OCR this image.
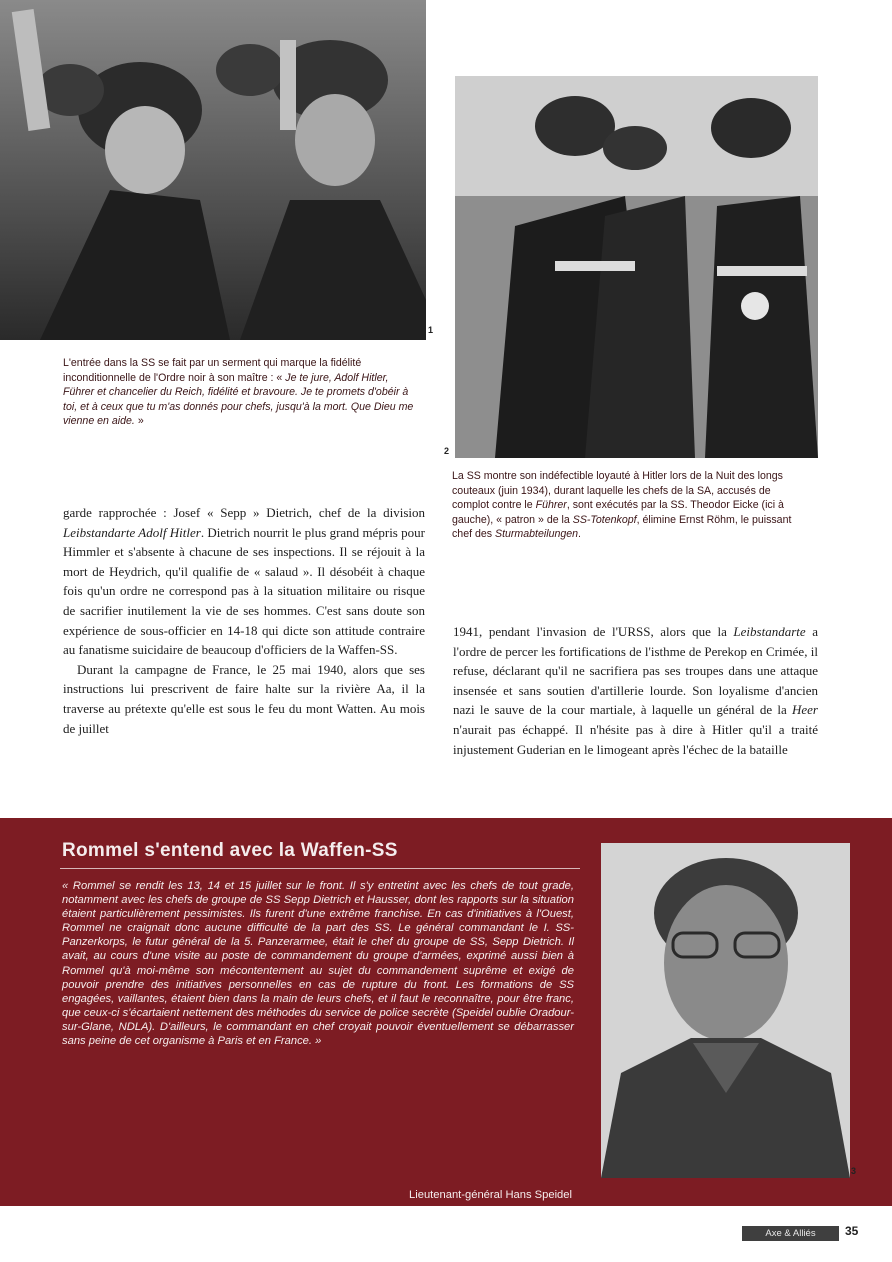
1
2
L'entrée dans la SS se fait par un serment qui marque la fidélité inconditionnelle de l'Ordre noir à son maître : « Je te jure, Adolf Hitler, Führer et chancelier du Reich, fidélité et bravoure. Je te promets d'obéir à toi, et à ceux que tu m'as donnés pour chefs, jusqu'à la mort. Que Dieu me vienne en aide. »
La SS montre son indéfectible loyauté à Hitler lors de la Nuit des longs couteaux (juin 1934), durant laquelle les chefs de la SA, accusés de complot contre le Führer, sont exécutés par la SS. Theodor Eicke (ici à gauche), « patron » de la SS-Totenkopf, élimine Ernst Röhm, le puissant chef des Sturmabteilungen.

garde rapprochée : Josef « Sepp » Dietrich, chef de la division Leibstandarte Adolf Hitler. Dietrich nourrit le plus grand mépris pour Himmler et s'absente à chacune de ses inspections. Il se réjouit à la mort de Heydrich, qu'il qualifie de « salaud ». Il désobéit à chaque fois qu'un ordre ne correspond pas à la situation militaire ou risque de sacrifier inutilement la vie de ses hommes. C'est sans doute son expérience de sous-officier en 14-18 qui dicte son attitude contraire au fanatisme suicidaire de beaucoup d'officiers de la Waffen-SS.

Durant la campagne de France, le 25 mai 1940, alors que ses instructions lui prescrivent de faire halte sur la rivière Aa, il la traverse au prétexte qu'elle est sous le feu du mont Watten. Au mois de juillet

1941, pendant l'invasion de l'URSS, alors que la Leibstandarte a l'ordre de percer les fortifications de l'isthme de Perekop en Crimée, il refuse, déclarant qu'il ne sacrifiera pas ses troupes dans une attaque insensée et sans soutien d'artillerie lourde. Son loyalisme d'ancien nazi le sauve de la cour martiale, à laquelle un général de la Heer n'aurait pas échappé. Il n'hésite pas à dire à Hitler qu'il a traité injustement Guderian en le limogeant après l'échec de la bataille

Rommel s'entend avec la Waffen-SS
« Rommel se rendit les 13, 14 et 15 juillet sur le front. Il s'y entretint avec les chefs de tout grade, notamment avec les chefs de groupe de SS Sepp Dietrich et Hausser, dont les rapports sur la situation étaient particulièrement pessimistes. Ils furent d'une extrême franchise. En cas d'initiatives à l'Ouest, Rommel ne craignait donc aucune difficulté de la part des SS. Le général commandant le I. SS-Panzerkorps, le futur général de la 5. Panzerarmee, était le chef du groupe de SS, Sepp Dietrich. Il avait, au cours d'une visite au poste de commandement du groupe d'armées, exprimé aussi bien à Rommel qu'à moi-même son mécontentement au sujet du commandement suprême et exigé de pouvoir prendre des initiatives personnelles en cas de rupture du front. Les formations de SS engagées, vaillantes, étaient bien dans la main de leurs chefs, et il faut le reconnaître, pour être franc, que ceux-ci s'écartaient nettement des méthodes du service de police secrète (Speidel oublie Oradour-sur-Glane, NDLA). D'ailleurs, le commandant en chef croyait pouvoir éventuellement se débarrasser sans peine de cet organisme à Paris et en France. »
Lieutenant-général Hans Speidel
3
Axe & Alliés	35
